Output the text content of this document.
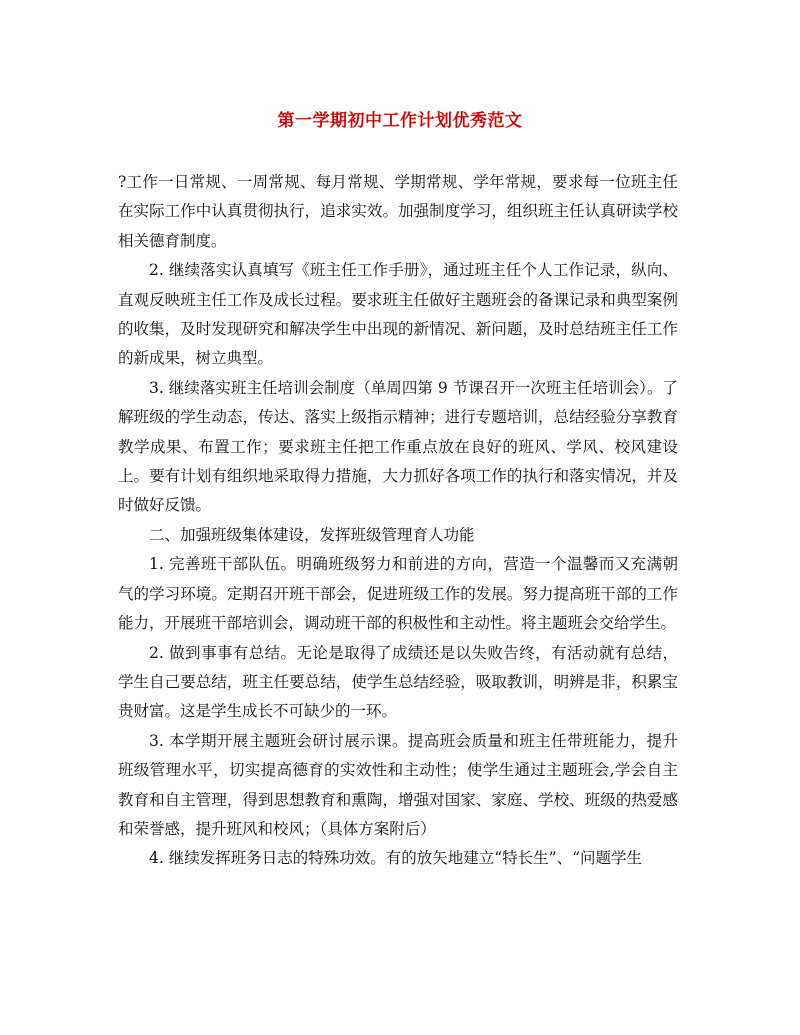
第一学期初中工作计划优秀范文

?工作一日常规、一周常规、每月常规、学期常规、学年常规，要求每一位班主任在实际工作中认真贯彻执行，追求实效。加强制度学习，组织班主任认真研读学校相关德育制度。

2. 继续落实认真填写《班主任工作手册》，通过班主任个人工作记录，纵向、直观反映班主任工作及成长过程。要求班主任做好主题班会的备课记录和典型案例的收集，及时发现研究和解决学生中出现的新情况、新问题，及时总结班主任工作的新成果，树立典型。

3. 继续落实班主任培训会制度（单周四第 9 节课召开一次班主任培训会）。了解班级的学生动态，传达、落实上级指示精神；进行专题培训，总结经验分享教育教学成果、布置工作；要求班主任把工作重点放在良好的班风、学风、校风建设上。要有计划有组织地采取得力措施，大力抓好各项工作的执行和落实情况，并及时做好反馈。

二、加强班级集体建设，发挥班级管理育人功能

1. 完善班干部队伍。明确班级努力和前进的方向，营造一个温馨而又充满朝气的学习环境。定期召开班干部会，促进班级工作的发展。努力提高班干部的工作能力，开展班干部培训会，调动班干部的积极性和主动性。将主题班会交给学生。

2. 做到事事有总结。无论是取得了成绩还是以失败告终，有活动就有总结，学生自己要总结，班主任要总结，使学生总结经验，吸取教训，明辨是非，积累宝贵财富。这是学生成长不可缺少的一环。

3. 本学期开展主题班会研讨展示课。提高班会质量和班主任带班能力，提升班级管理水平，切实提高德育的实效性和主动性；使学生通过主题班会,学会自主教育和自主管理，得到思想教育和熏陶，增强对国家、家庭、学校、班级的热爱感和荣誉感，提升班风和校风；（具体方案附后）

4. 继续发挥班务日志的特殊功效。有的放矢地建立“特长生”、“问题学生
